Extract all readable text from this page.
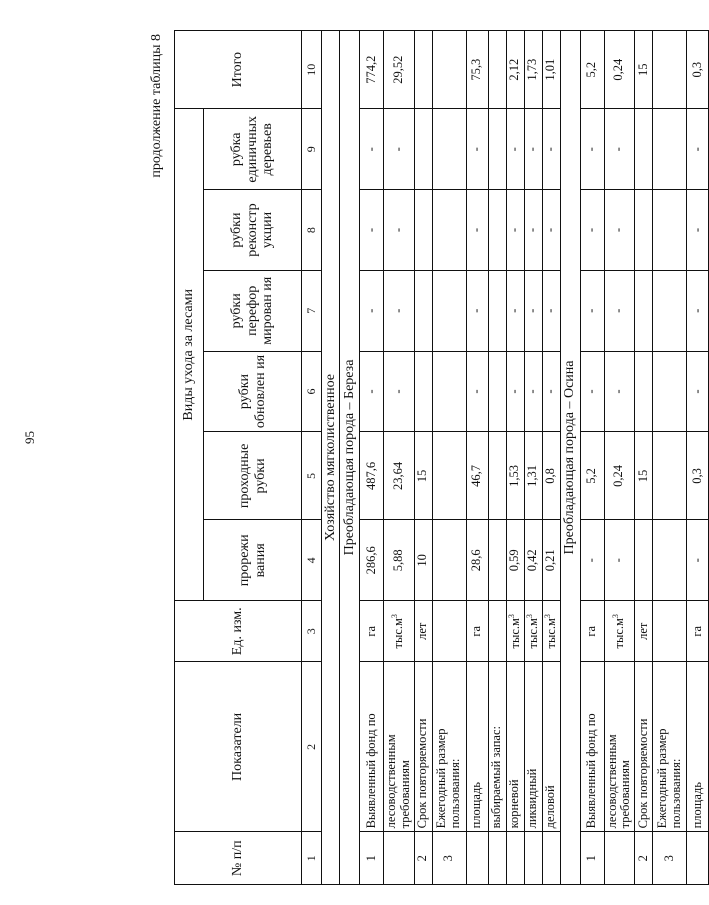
95
продолжение таблицы 8
№ п/п	Показатели	Ед. изм.	Виды ухода за лесами						Итого
			прорежи вания	проходные рубки	рубки обновлен ия	рубки перефор мирован ия	рубки реконстр укции	рубка единичных деревьев	
1	2	3	4	5	6	7	8	9	10
Хозяйство мягколиственное									
Преобладающая порода – Береза									
1	Выявленный фонд по	га	286,6	487,6	-	-	-	-	774,2
	лесоводственным требованиям	$тыс.м^3$	5,88	23,64	-	-	-	-	29,52
2	Срок повторяемости	лет	10	15					
3	Ежегодный размер пользования:								
	площадь	га	28,6	46,7	-	-	-	-	75,3
	выбираемый запас:								
	корневой	$тыс.м^3$	0,59	1,53	-	-	-	-	2,12
	ликвидный	$тыс.м^3$	0,42	1,31	-	-	-	-	1,73
	деловой	$тыс.м^3$	0,21	0,8	-	-	-	-	1,01
Преобладающая порода – Осина									
1	Выявленный фонд по	га	-	5,2	-	-	-	-	5,2
	лесоводственным требованиям	$тыс.м^3$	-	0,24	-	-	-	-	0,24
2	Срок повторяемости	лет		15					15
3	Ежегодный размер пользования:								
	площадь	га	-	0,3	-	-	-	-	0,3
